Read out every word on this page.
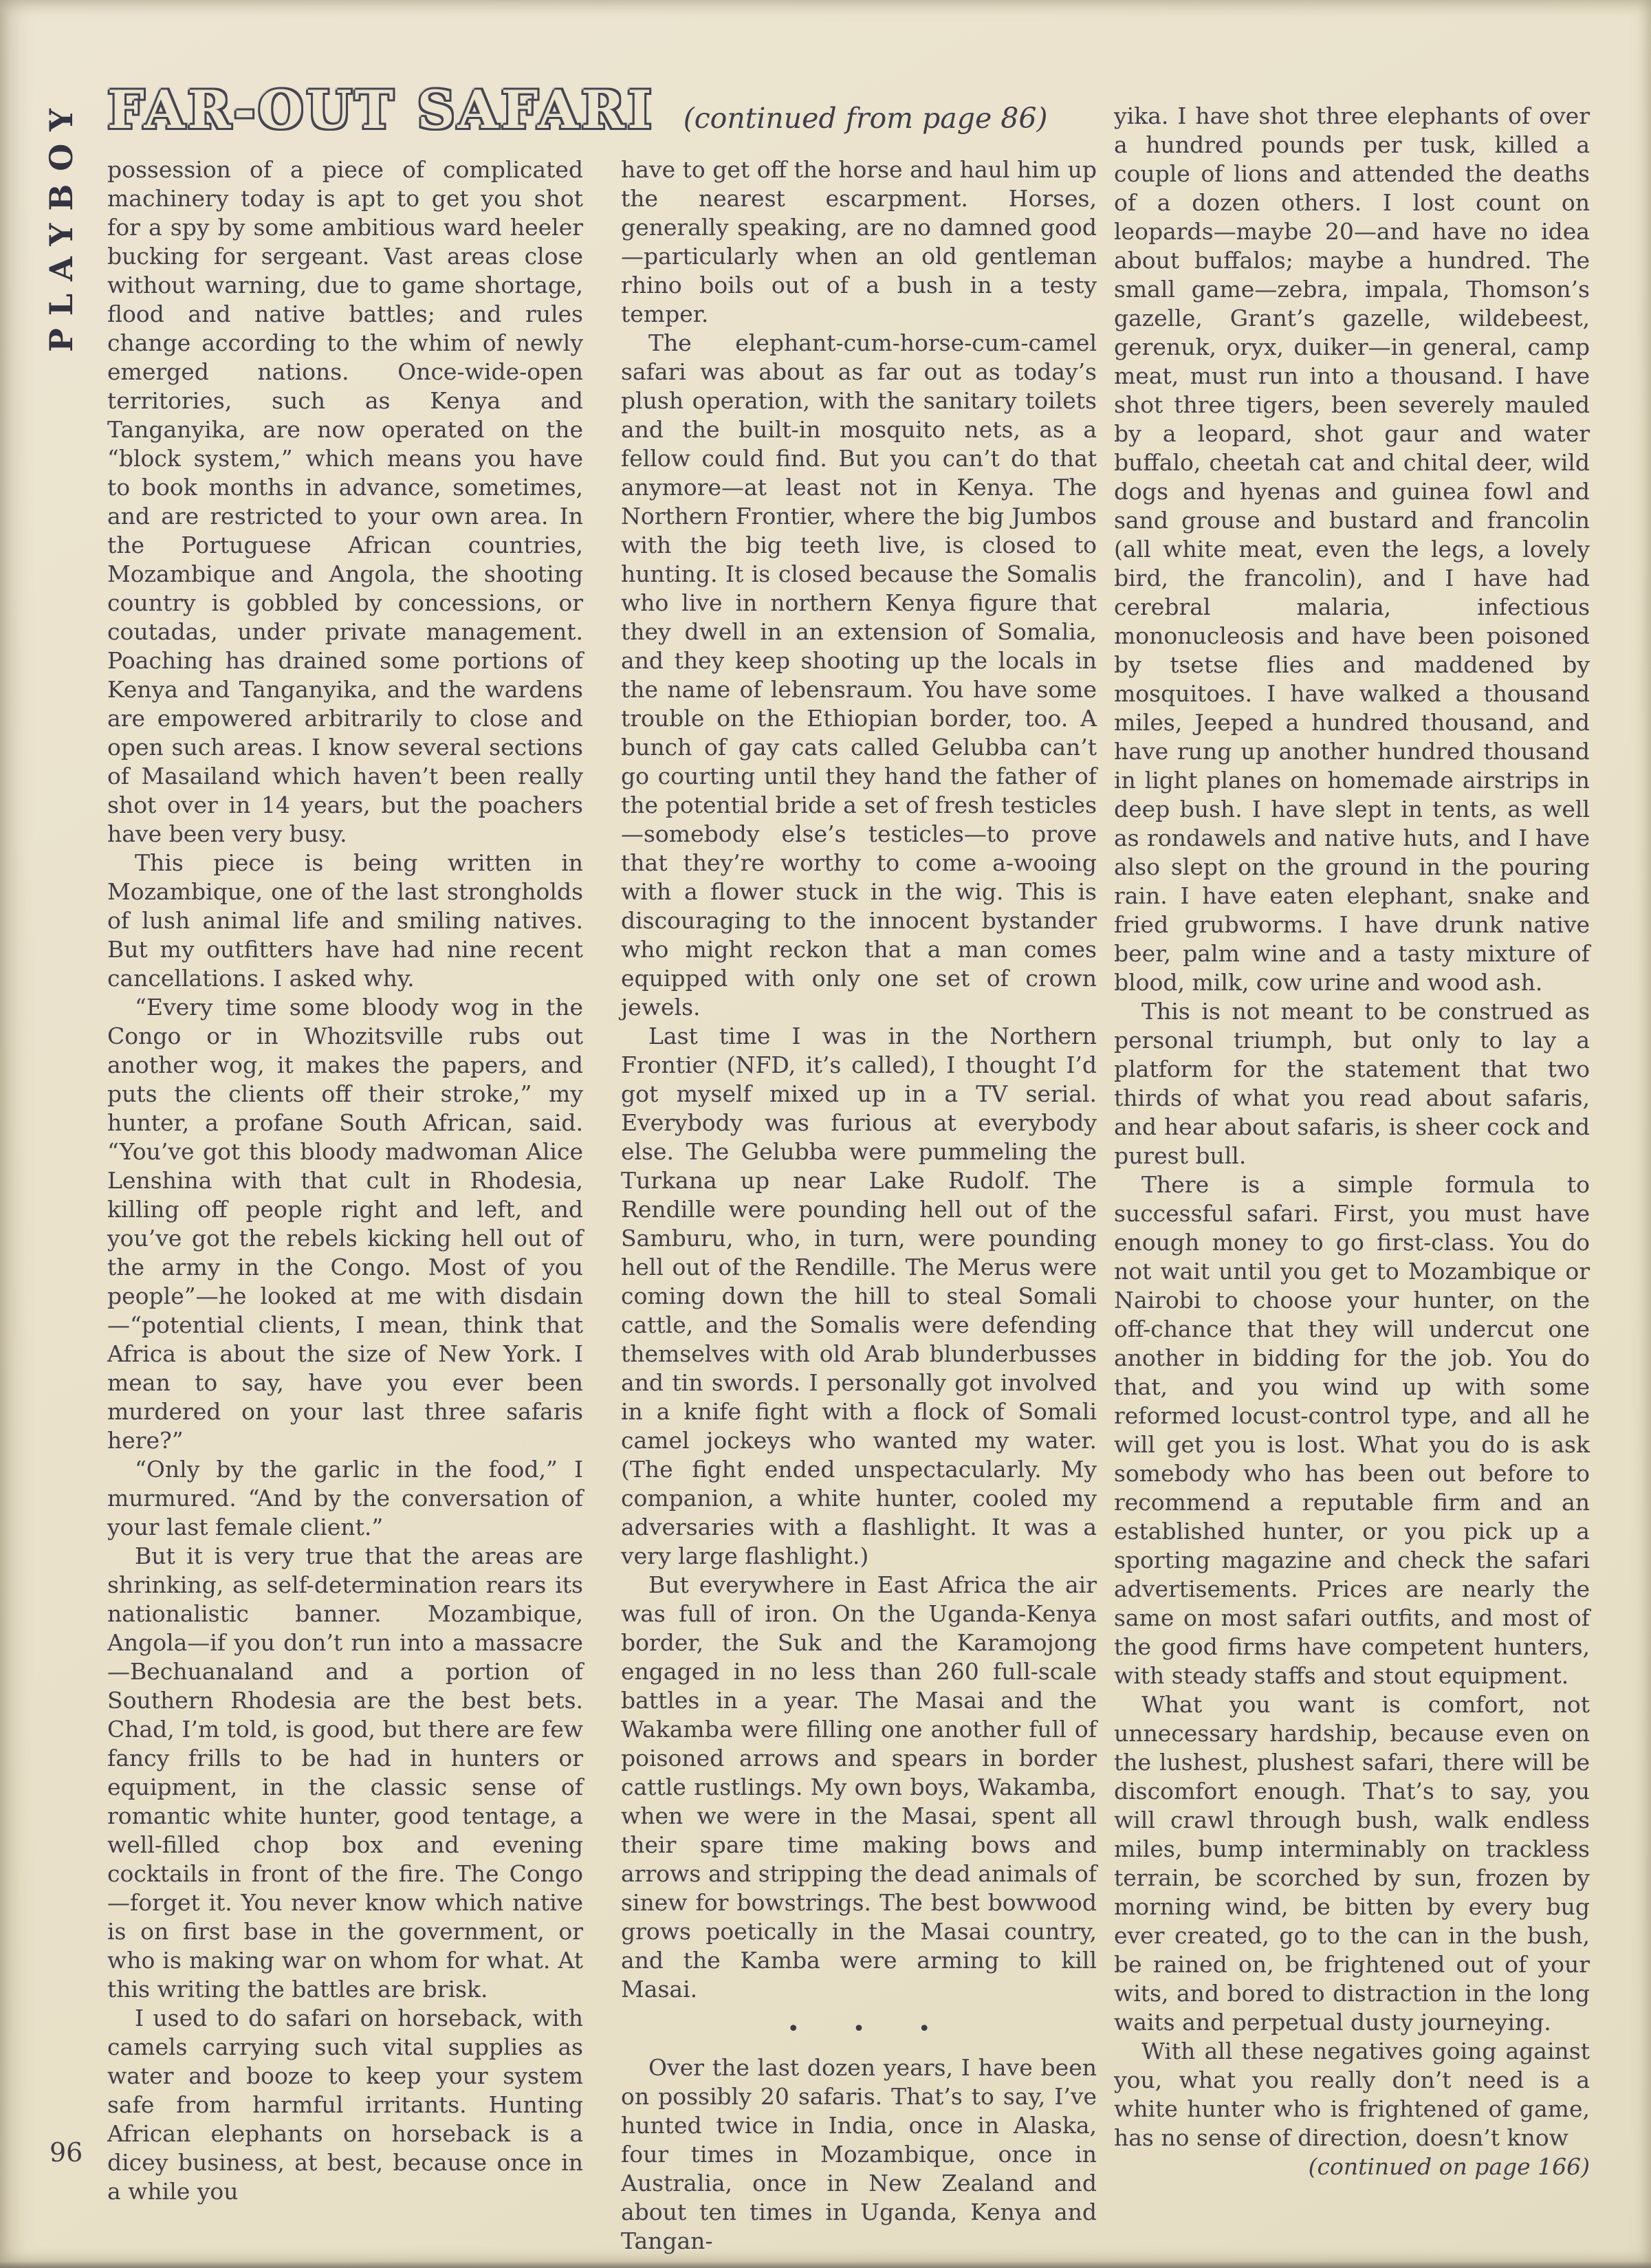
PLAYBOY FAR-OUT SAFARI (continued from page 86)

possession of a piece of complicated machinery today is apt to get you shot for a spy by some ambitious ward heeler bucking for sergeant. Vast areas close without warning, due to game shortage, flood and native battles; and rules change according to the whim of newly emerged nations. Once-wide-open territories, such as Kenya and Tanganyika, are now operated on the “block system,” which means you have to book months in advance, sometimes, and are restricted to your own area. In the Portuguese African countries, Mozambique and Angola, the shooting country is gobbled by concessions, or coutadas, under private management. Poaching has drained some portions of Kenya and Tanganyika, and the wardens are empowered arbitrarily to close and open such areas. I know several sections of Masailand which haven’t been really shot over in 14 years, but the poachers have been very busy.

This piece is being written in Mozambique, one of the last strongholds of lush animal life and smiling natives. But my outfitters have had nine recent cancellations. I asked why.

“Every time some bloody wog in the Congo or in Whozitsville rubs out another wog, it makes the papers, and puts the clients off their stroke,” my hunter, a profane South African, said. “You’ve got this bloody madwoman Alice Lenshina with that cult in Rhodesia, killing off people right and left, and you’ve got the rebels kicking hell out of the army in the Congo. Most of you people”—he looked at me with disdain—“potential clients, I mean, think that Africa is about the size of New York. I mean to say, have you ever been murdered on your last three safaris here?”

“Only by the garlic in the food,” I murmured. “And by the conversation of your last female client.”

But it is very true that the areas are shrinking, as self-determination rears its nationalistic banner. Mozambique, Angola—if you don’t run into a massacre—Bechuanaland and a portion of Southern Rhodesia are the best bets. Chad, I’m told, is good, but there are few fancy frills to be had in hunters or equipment, in the classic sense of romantic white hunter, good tentage, a well-filled chop box and evening cocktails in front of the fire. The Congo—forget it. You never know which native is on first base in the government, or who is making war on whom for what. At this writing the battles are brisk.

I used to do safari on horseback, with camels carrying such vital supplies as water and booze to keep your system safe from harmful irritants. Hunting African elephants on horseback is a dicey business, at best, because once in a while you

have to get off the horse and haul him up the nearest escarpment. Horses, generally speaking, are no damned good—particularly when an old gentleman rhino boils out of a bush in a testy temper.

The elephant-cum-horse-cum-camel safari was about as far out as today’s plush operation, with the sanitary toilets and the built-in mosquito nets, as a fellow could find. But you can’t do that anymore—at least not in Kenya. The Northern Frontier, where the big Jumbos with the big teeth live, is closed to hunting. It is closed because the Somalis who live in northern Kenya figure that they dwell in an extension of Somalia, and they keep shooting up the locals in the name of lebensraum. You have some trouble on the Ethiopian border, too. A bunch of gay cats called Gelubba can’t go courting until they hand the father of the potential bride a set of fresh testicles—somebody else’s testicles—to prove that they’re worthy to come a-wooing with a flower stuck in the wig. This is discouraging to the innocent bystander who might reckon that a man comes equipped with only one set of crown jewels.

Last time I was in the Northern Frontier (NFD, it’s called), I thought I’d got myself mixed up in a TV serial. Everybody was furious at everybody else. The Gelubba were pummeling the Turkana up near Lake Rudolf. The Rendille were pounding hell out of the Samburu, who, in turn, were pounding hell out of the Rendille. The Merus were coming down the hill to steal Somali cattle, and the Somalis were defending themselves with old Arab blunderbusses and tin swords. I personally got involved in a knife fight with a flock of Somali camel jockeys who wanted my water. (The fight ended unspectacularly. My companion, a white hunter, cooled my adversaries with a flashlight. It was a very large flashlight.)

But everywhere in East Africa the air was full of iron. On the Uganda-Kenya border, the Suk and the Karamojong engaged in no less than 260 full-scale battles in a year. The Masai and the Wakamba were filling one another full of poisoned arrows and spears in border cattle rustlings. My own boys, Wakamba, when we were in the Masai, spent all their spare time making bows and arrows and stripping the dead animals of sinew for bowstrings. The best bowwood grows poetically in the Masai country, and the Kamba were arming to kill Masai.

• • •

Over the last dozen years, I have been on possibly 20 safaris. That’s to say, I’ve hunted twice in India, once in Alaska, four times in Mozambique, once in Australia, once in New Zealand and about ten times in Uganda, Kenya and Tangan-

yika. I have shot three elephants of over a hundred pounds per tusk, killed a couple of lions and attended the deaths of a dozen others. I lost count on leopards—maybe 20—and have no idea about buffalos; maybe a hundred. The small game—zebra, impala, Thomson’s gazelle, Grant’s gazelle, wildebeest, gerenuk, oryx, duiker—in general, camp meat, must run into a thousand. I have shot three tigers, been severely mauled by a leopard, shot gaur and water buffalo, cheetah cat and chital deer, wild dogs and hyenas and guinea fowl and sand grouse and bustard and francolin (all white meat, even the legs, a lovely bird, the francolin), and I have had cerebral malaria, infectious mononucleosis and have been poisoned by tsetse flies and maddened by mosquitoes. I have walked a thousand miles, Jeeped a hundred thousand, and have rung up another hundred thousand in light planes on homemade airstrips in deep bush. I have slept in tents, as well as rondawels and native huts, and I have also slept on the ground in the pouring rain. I have eaten elephant, snake and fried grubworms. I have drunk native beer, palm wine and a tasty mixture of blood, milk, cow urine and wood ash.

This is not meant to be construed as personal triumph, but only to lay a platform for the statement that two thirds of what you read about safaris, and hear about safaris, is sheer cock and purest bull.

There is a simple formula to successful safari. First, you must have enough money to go first-class. You do not wait until you get to Mozambique or Nairobi to choose your hunter, on the off-chance that they will undercut one another in bidding for the job. You do that, and you wind up with some reformed locust-control type, and all he will get you is lost. What you do is ask somebody who has been out before to recommend a reputable firm and an established hunter, or you pick up a sporting magazine and check the safari advertisements. Prices are nearly the same on most safari outfits, and most of the good firms have competent hunters, with steady staffs and stout equipment.

What you want is comfort, not unnecessary hardship, because even on the lushest, plushest safari, there will be discomfort enough. That’s to say, you will crawl through bush, walk endless miles, bump interminably on trackless terrain, be scorched by sun, frozen by morning wind, be bitten by every bug ever created, go to the can in the bush, be rained on, be frightened out of your wits, and bored to distraction in the long waits and perpetual dusty journeying.

With all these negatives going against you, what you really don’t need is a white hunter who is frightened of game, has no sense of direction, doesn’t know

(continued on page 166)

96
